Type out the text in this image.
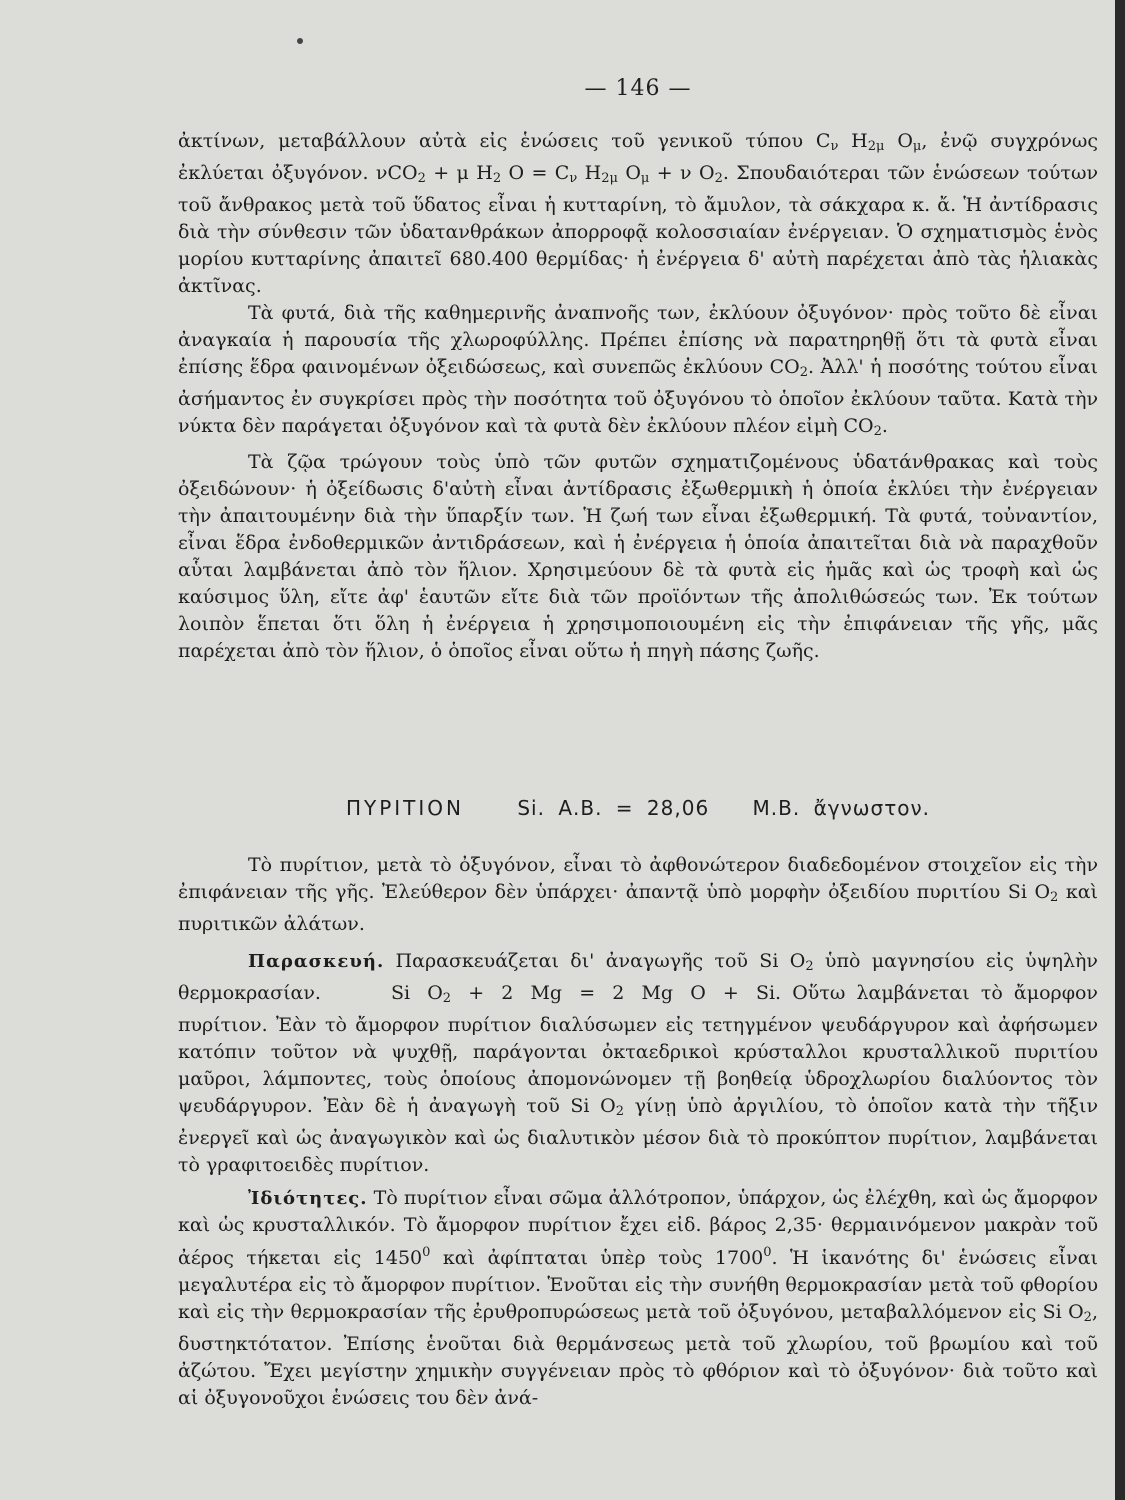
— 146 —

ἀκτίνων, μεταβάλλουν αὐτὰ εἰς ἑνώσεις τοῦ γενικοῦ τύπου $C_\nu$ $H_{2\mu}$ $O_\mu$, ἐνῷ συγχρόνως ἐκλύεται ὀξυγόνον. νCO$_2$ + μ $H_2$ $O = C_\nu$ $H_{2\mu}$ $O_\mu + \nu$ $O_2$. Σπουδαιότεραι τῶν ἑνώσεων τούτων τοῦ ἄνθρακος μετὰ τοῦ ὕδατος εἶναι ἡ κυτταρίνη, τὸ ἄμυλον, τὰ σάκχαρα κ. ἄ. Ἡ ἀντίδρασις διὰ τὴν σύνθεσιν τῶν ὑδατανθράκων ἀπορροφᾷ κολοσσιαίαν ἐνέργειαν. Ὁ σχηματισμὸς ἑνὸς μορίου κυτταρίνης ἀπαιτεῖ 680.400 θερμίδας· ἡ ἐνέργεια δ' αὐτὴ παρέχεται ἀπὸ τὰς ἡλιακὰς ἀκτῖνας.

Τὰ φυτά, διὰ τῆς καθημερινῆς ἀναπνοῆς των, ἐκλύουν ὀξυγόνον· πρὸς τοῦτο δὲ εἶναι ἀναγκαία ἡ παρουσία τῆς χλωροφύλλης. Πρέπει ἐπίσης νὰ παρατηρηθῇ ὅτι τὰ φυτὰ εἶναι ἐπίσης ἕδρα φαινομένων ὀξειδώσεως, καὶ συνεπῶς ἐκλύουν $CO_2$. Ἀλλ' ἡ ποσότης τούτου εἶναι ἀσήμαντος ἐν συγκρίσει πρὸς τὴν ποσότητα τοῦ ὀξυγόνου τὸ ὁποῖον ἐκλύουν ταῦτα. Κατὰ τὴν νύκτα δὲν παράγεται ὀξυγόνον καὶ τὰ φυτὰ δὲν ἐκλύουν πλέον εἰμὴ $CO_2$.

Τὰ ζῷα τρώγουν τοὺς ὑπὸ τῶν φυτῶν σχηματιζομένους ὑδατάνθρακας καὶ τοὺς ὀξειδώνουν· ἡ ὀξείδωσις δ'αὐτὴ εἶναι ἀντίδρασις ἐξωθερμικὴ ἡ ὁποία ἐκλύει τὴν ἐνέργειαν τὴν ἀπαιτουμένην διὰ τὴν ὕπαρξίν των. Ἡ ζωή των εἶναι ἐξωθερμική. Τὰ φυτά, τοὐναντίον, εἶναι ἕδρα ἐνδοθερμικῶν ἀντιδράσεων, καὶ ἡ ἐνέργεια ἡ ὁποία ἀπαιτεῖται διὰ νὰ παραχθοῦν αὗται λαμβάνεται ἀπὸ τὸν ἥλιον. Χρησιμεύουν δὲ τὰ φυτὰ εἰς ἡμᾶς καὶ ὡς τροφὴ καὶ ὡς καύσιμος ὕλη, εἴτε ἀφ' ἑαυτῶν εἴτε διὰ τῶν προϊόντων τῆς ἀπολιθώσεώς των. Ἐκ τούτων λοιπὸν ἕπεται ὅτι ὅλη ἡ ἐνέργεια ἡ χρησιμοποιουμένη εἰς τὴν ἐπιφάνειαν τῆς γῆς, μᾶς παρέχεται ἀπὸ τὸν ἥλιον, ὁ ὁποῖος εἶναι οὕτω ἡ πηγὴ πάσης ζωῆς.

ΠΥΡΙΤΙΟΝ	Si. Α.Β. = 28,06 Μ.Β. ἄγνωστον.

Τὸ πυρίτιον, μετὰ τὸ ὀξυγόνον, εἶναι τὸ ἀφθονώτερον διαδεδομένον στοιχεῖον εἰς τὴν ἐπιφάνειαν τῆς γῆς. Ἐλεύθερον δὲν ὑπάρχει· ἀπαντᾷ ὑπὸ μορφὴν ὀξειδίου πυριτίου Si $O_2$ καὶ πυριτικῶν ἀλάτων.

Παρασκευή. Παρασκευάζεται δι' ἀναγωγῆς τοῦ Si $O_2$ ὑπὸ μαγνησίου εἰς ὑψηλὴν θερμοκρασίαν.	Si $O_2 + 2$ Mg = 2 Mg O + Si. Οὕτω λαμβάνεται τὸ ἄμορφον πυρίτιον. Ἐὰν τὸ ἄμορφον πυρίτιον διαλύσωμεν εἰς τετηγμένον ψευδάργυρον καὶ ἀφήσωμεν κατόπιν τοῦτον νὰ ψυχθῇ, παράγονται ὀκταεδρικοὶ κρύσταλλοι κρυσταλλικοῦ πυριτίου μαῦροι, λάμποντες, τοὺς ὁποίους ἀπομονώνομεν τῇ βοηθείᾳ ὑδροχλωρίου διαλύοντος τὸν ψευδάργυρον. Ἐὰν δὲ ἡ ἀναγωγὴ τοῦ Si $O_2$ γίνῃ ὑπὸ ἀργιλίου, τὸ ὁποῖον κατὰ τὴν τῆξιν ἐνεργεῖ καὶ ὡς ἀναγωγικὸν καὶ ὡς διαλυτικὸν μέσον διὰ τὸ προκύπτον πυρίτιον, λαμβάνεται τὸ γραφιτοειδὲς πυρίτιον.

Ἰδιότητες. Τὸ πυρίτιον εἶναι σῶμα ἀλλότροπον, ὑπάρχον, ὡς ἐλέχθη, καὶ ὡς ἄμορφον καὶ ὡς κρυσταλλικόν. Τὸ ἄμορφον πυρίτιον ἔχει εἰδ. βάρος 2,35· θερμαινόμενον μακρὰν τοῦ ἀέρος τήκεται εἰς 1450$^0$ καὶ ἀφίπταται ὑπὲρ τοὺς 1700$^0$. Ἡ ἱκανότης δι' ἑνώσεις εἶναι μεγαλυτέρα εἰς τὸ ἄμορφον πυρίτιον. Ἑνοῦται εἰς τὴν συνήθη θερμοκρασίαν μετὰ τοῦ φθορίου καὶ εἰς τὴν θερμοκρασίαν τῆς ἐρυθροπυρώσεως μετὰ τοῦ ὀξυγόνου, μεταβαλλόμενον εἰς Si $O_2$, δυστηκτότατον. Ἐπίσης ἑνοῦται διὰ θερμάνσεως μετὰ τοῦ χλωρίου, τοῦ βρωμίου καὶ τοῦ ἀζώτου. Ἔχει μεγίστην χημικὴν συγγένειαν πρὸς τὸ φθόριον καὶ τὸ ὀξυγόνον· διὰ τοῦτο καὶ αἱ ὀξυγονοῦχοι ἑνώσεις του δὲν ἀνά-
